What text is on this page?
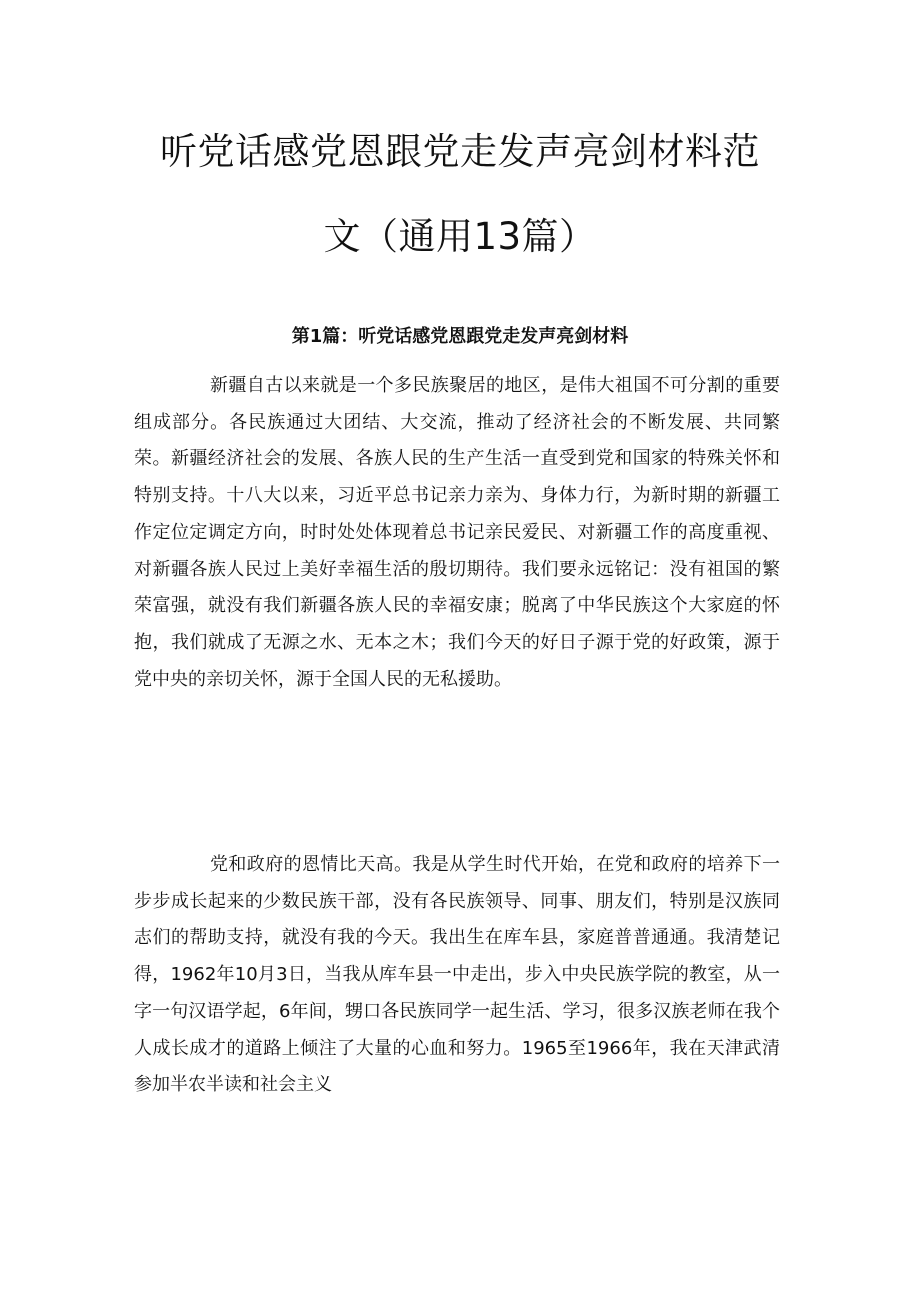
听党话感党恩跟党走发声亮剑材料范
文（通用13篇）
第1篇：听党话感党恩跟党走发声亮剑材料

新疆自古以来就是一个多民族聚居的地区，是伟大祖国不可分割的重要组成部分。各民族通过大团结、大交流，推动了经济社会的不断发展、共同繁荣。新疆经济社会的发展、各族人民的生产生活一直受到党和国家的特殊关怀和特别支持。十八大以来，习近平总书记亲力亲为、身体力行，为新时期的新疆工作定位定调定方向，时时处处体现着总书记亲民爱民、对新疆工作的高度重视、对新疆各族人民过上美好幸福生活的殷切期待。我们要永远铭记：没有祖国的繁荣富强，就没有我们新疆各族人民的幸福安康；脱离了中华民族这个大家庭的怀抱，我们就成了无源之水、无本之木；我们今天的好日子源于党的好政策，源于党中央的亲切关怀，源于全国人民的无私援助。

党和政府的恩情比天高。我是从学生时代开始，在党和政府的培养下一步步成长起来的少数民族干部，没有各民族领导、同事、朋友们，特别是汉族同志们的帮助支持，就没有我的今天。我出生在库车县，家庭普普通通。我清楚记得，1962年10月3日，当我从库车县一中走出，步入中央民族学院的教室，从一字一句汉语学起，6年间，甥口各民族同学一起生活、学习，很多汉族老师在我个人成长成才的道路上倾注了大量的心血和努力。1965至1966年，我在天津武清参加半农半读和社会主义
